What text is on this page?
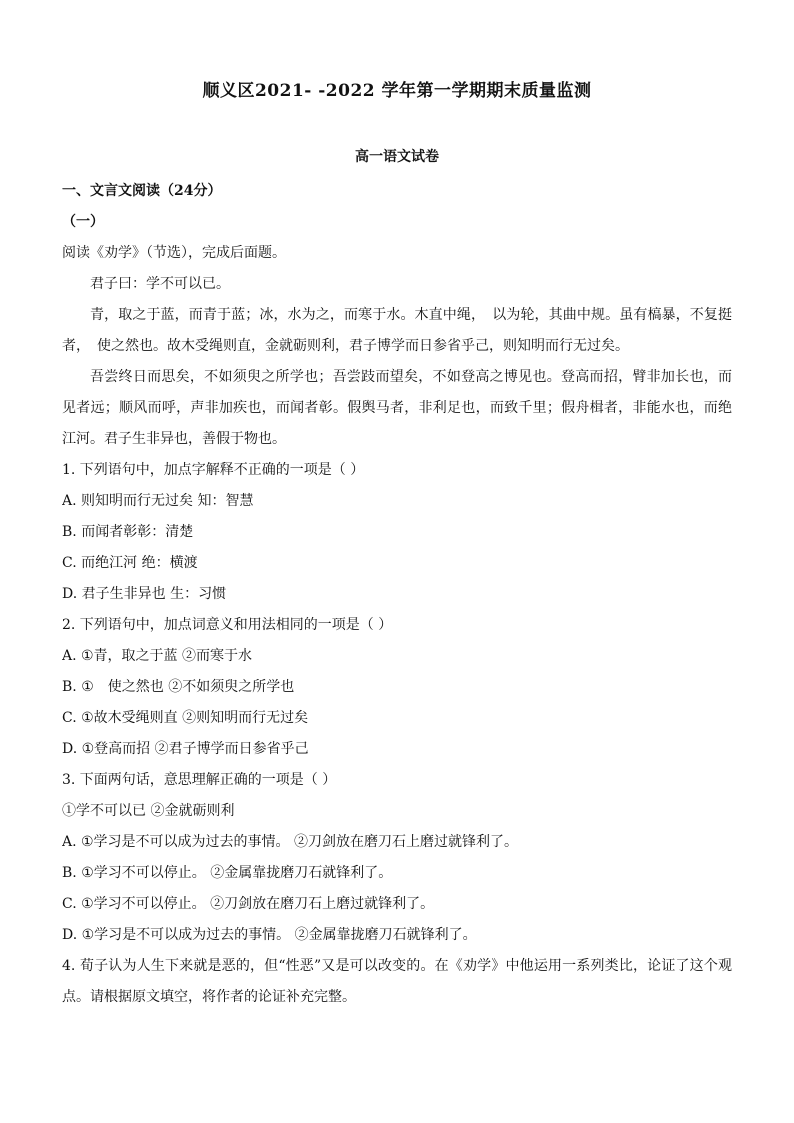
顺义区2021- -2022 学年第一学期期末质量监测
高一语文试卷
一、文言文阅读（24分）
（一）
阅读《劝学》（节选），完成后面题。
君子曰：学不可以已。
青，取之于蓝，而青于蓝；冰，水为之，而寒于水。木直中绳，　以为轮，其曲中规。虽有槁暴，不复挺者，　使之然也。故木受绳则直，金就砺则利，君子博学而日参省乎己，则知明而行无过矣。
吾尝终日而思矣，不如须臾之所学也；吾尝跂而望矣，不如登高之博见也。登高而招，臂非加长也，而见者远；顺风而呼，声非加疾也，而闻者彰。假舆马者，非利足也，而致千里；假舟楫者，非能水也，而绝江河。君子生非异也，善假于物也。
1. 下列语句中，加点字解释不正确的一项是（ ）
A. 则知明而行无过矣 知：智慧
B. 而闻者彰彰：清楚
C. 而绝江河 绝：横渡
D. 君子生非异也 生：习惯
2. 下列语句中，加点词意义和用法相同的一项是（ ）
A. ①青，取之于蓝 ②而寒于水
B. ①　使之然也 ②不如须臾之所学也
C. ①故木受绳则直 ②则知明而行无过矣
D. ①登高而招 ②君子博学而日参省乎己
3. 下面两句话，意思理解正确的一项是（ ）
①学不可以已 ②金就砺则利
A. ①学习是不可以成为过去的事情。 ②刀剑放在磨刀石上磨过就锋利了。
B. ①学习不可以停止。 ②金属靠拢磨刀石就锋利了。
C. ①学习不可以停止。 ②刀剑放在磨刀石上磨过就锋利了。
D. ①学习是不可以成为过去的事情。 ②金属靠拢磨刀石就锋利了。
4. 荀子认为人生下来就是恶的，但“性恶”又是可以改变的。在《劝学》中他运用一系列类比，论证了这个观点。请根据原文填空，将作者的论证补充完整。
